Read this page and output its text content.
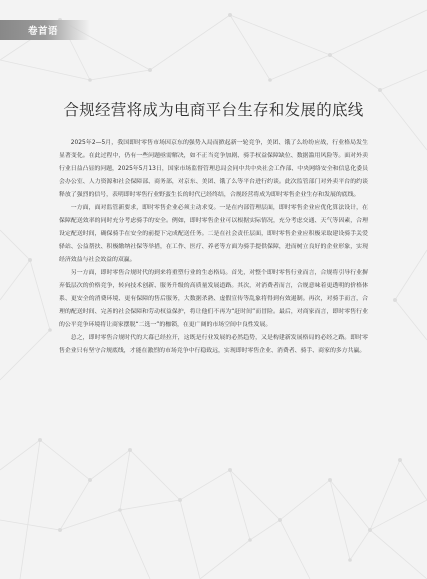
卷首语
合规经营将成为电商平台生存和发展的底线

2025年2—5月，我国即时零售市场因京东的强势入局而掀起新一轮竞争，美团、饿了么纷纷应战，行业格局发生显著变化。在此过程中，仍有一些问题亟需解决，如不正当竞争加剧、骑手权益保障缺位、数据滥用风险等。面对外卖行业日益凸显的问题，2025年5月13日，国家市场监督管理总局会同中共中央社会工作部、中央网络安全和信息化委员会办公室、人力资源和社会保障部、商务部，对京东、美团、饿了么等平台进行约谈。此次监管部门对外卖平台的约谈释放了强烈的信号，表明即时零售行业野蛮生长的时代已经终结，合规经营将成为即时零售企业生存和发展的底线。

一方面，面对监管新要求，即时零售企业必须主动求变。一是在内部管理层面，即时零售企业应优化算法设计，在保障配送效率的同时充分考虑骑手的安全。例如，即时零售企业可以根据实际情况，充分考虑交通、天气等因素，合理设定配送时间，确保骑手在安全的前提下完成配送任务。二是在社会责任层面，即时零售企业应积极采取建设骑手关爱驿站、公益帮扶、积极缴纳社保等举措，在工作、医疗、养老等方面为骑手提供保障，进而树立良好的企业形象，实现经济效益与社会效益的双赢。

另一方面，即时零售合规时代的到来将重塑行业的生态格局。首先，对整个即时零售行业而言，合规将引导行业摒弃低层次的价格竞争，转向技术创新、服务升级的高质量发展道路。其次，对消费者而言，合规意味着更透明的价格体系、更安全的消费环境、更有保障的售后服务，大数据杀熟、虚假宣传等乱象将得到有效遏制。再次，对骑手而言，合理的配送时间、完善的社会保障和劳动权益保护，将让他们不再为“赶时间”而冒险。最后，对商家而言，即时零售行业的公平竞争环境将让商家摆脱“二选一”的枷锁，在更广阔的市场空间中良性发展。

总之，即时零售合规时代的大幕已经拉开，这既是行业发展的必然趋势，又是构建新发展格局的必经之路。即时零售企业只有坚守合规底线，才能在激烈的市场竞争中行稳致远，实现即时零售企业、消费者、骑手、商家的多方共赢。
